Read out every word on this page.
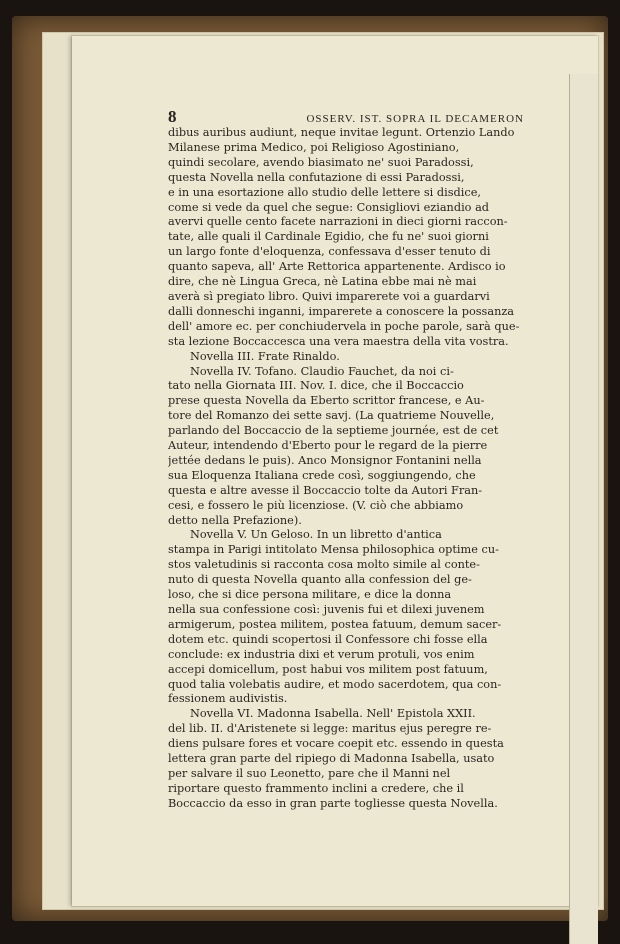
8	OSSERV. IST. SOPRA IL DECAMERON
dibus auribus audiunt, neque invitae legunt. Ortenzio Lando
Milanese prima Medico, poi Religioso Agostiniano,
quindi secolare, avendo biasimato ne' suoi Paradossi,
questa Novella nella confutazione di essi Paradossi,
e in una esortazione allo studio delle lettere si disdice,
come si vede da quel che segue: Consigliovi eziandio ad
avervi quelle cento facete narrazioni in dieci giorni raccon-
tate, alle quali il Cardinale Egidio, che fu ne' suoi giorni
un largo fonte d'eloquenza, confessava d'esser tenuto di
quanto sapeva, all' Arte Rettorica appartenente. Ardisco io
dire, che nè Lingua Greca, nè Latina ebbe mai nè mai
averà sì pregiato libro. Quivi imparerete voi a guardarvi
dalli donneschi inganni, imparerete a conoscere la possanza
dell' amore ec. per conchiudervela in poche parole, sarà que-
sta lezione Boccaccesca una vera maestra della vita vostra.
Novella III. Frate Rinaldo.
Novella IV. Tofano. Claudio Fauchet, da noi ci-
tato nella Giornata III. Nov. I. dice, che il Boccaccio
prese questa Novella da Eberto scrittor francese, e Au-
tore del Romanzo dei sette savj. (La quatrieme Nouvelle,
parlando del Boccaccio de la septieme journée, est de cet
Auteur, intendendo d'Eberto pour le regard de la pierre
jettée dedans le puis). Anco Monsignor Fontanini nella
sua Eloquenza Italiana crede così, soggiungendo, che
questa e altre avesse il Boccaccio tolte da Autori Fran-
cesi, e fossero le più licenziose. (V. ciò che abbiamo
detto nella Prefazione).
Novella V. Un Geloso. In un libretto d'antica
stampa in Parigi intitolato Mensa philosophica optime cu-
stos valetudinis si racconta cosa molto simile al conte-
nuto di questa Novella quanto alla confession del ge-
loso, che si dice persona militare, e dice la donna
nella sua confessione così: juvenis fui et dilexi juvenem
armigerum, postea militem, postea fatuum, demum sacer-
dotem etc. quindi scopertosi il Confessore chi fosse ella
conclude: ex industria dixi et verum protuli, vos enim
accepi domicellum, post habui vos militem post fatuum,
quod talia volebatis audire, et modo sacerdotem, qua con-
fessionem audivistis.
Novella VI. Madonna Isabella. Nell' Epistola XXII.
del lib. II. d'Aristenete si legge: maritus ejus peregre re-
diens pulsare fores et vocare coepit etc. essendo in questa
lettera gran parte del ripiego di Madonna Isabella, usato
per salvare il suo Leonetto, pare che il Manni nel
riportare questo frammento inclini a credere, che il
Boccaccio da esso in gran parte togliesse questa Novella.
